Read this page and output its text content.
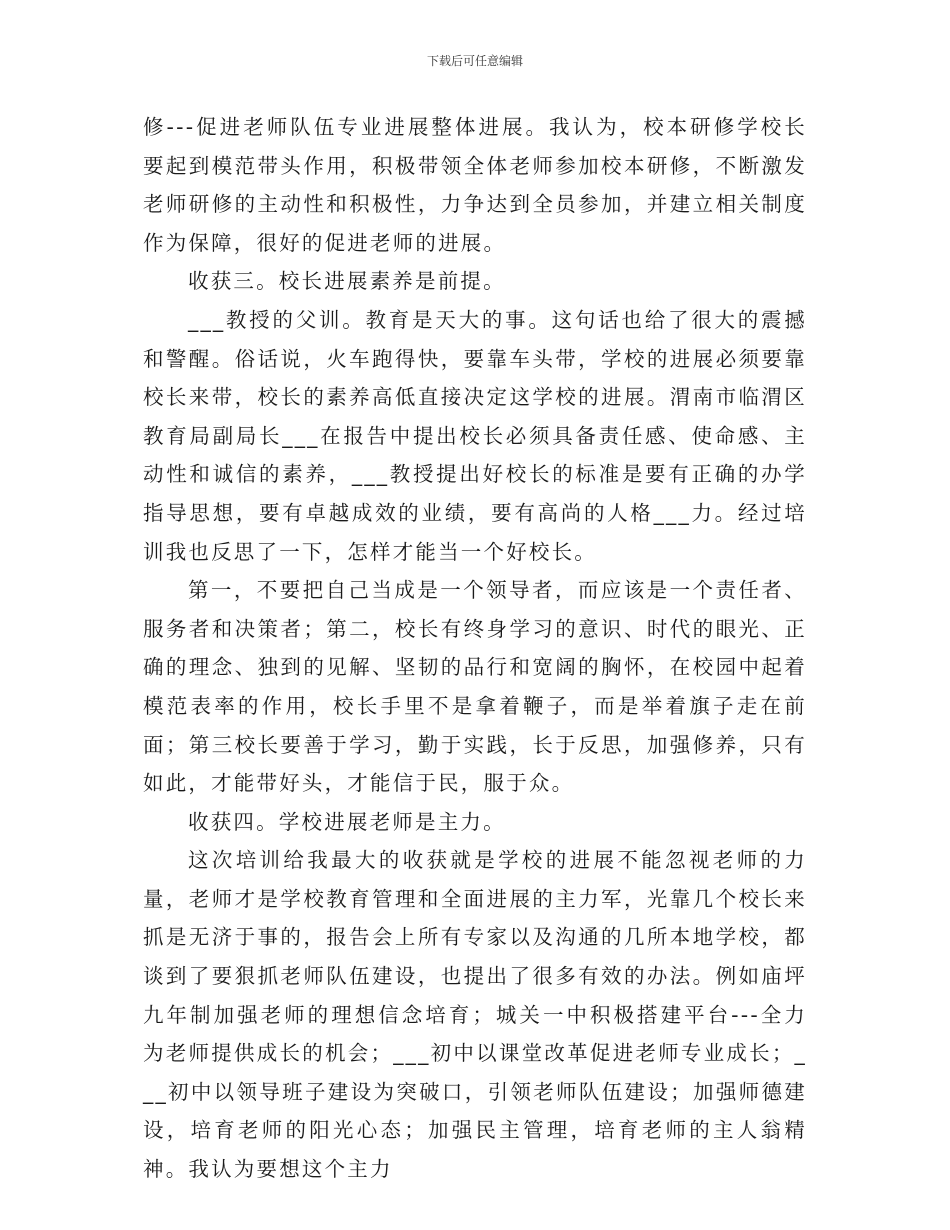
下载后可任意编辑

修---促进老师队伍专业进展整体进展。我认为，校本研修学校长要起到模范带头作用，积极带领全体老师参加校本研修，不断激发老师研修的主动性和积极性，力争达到全员参加，并建立相关制度作为保障，很好的促进老师的进展。

收获三。校长进展素养是前提。

___教授的父训。教育是天大的事。这句话也给了很大的震撼和警醒。俗话说，火车跑得快，要靠车头带，学校的进展必须要靠校长来带，校长的素养高低直接决定这学校的进展。渭南市临渭区教育局副局长___在报告中提出校长必须具备责任感、使命感、主动性和诚信的素养，___教授提出好校长的标准是要有正确的办学指导思想，要有卓越成效的业绩，要有高尚的人格___力。经过培训我也反思了一下，怎样才能当一个好校长。

第一，不要把自己当成是一个领导者，而应该是一个责任者、服务者和决策者；第二，校长有终身学习的意识、时代的眼光、正确的理念、独到的见解、坚韧的品行和宽阔的胸怀，在校园中起着模范表率的作用，校长手里不是拿着鞭子，而是举着旗子走在前面；第三校长要善于学习，勤于实践，长于反思，加强修养，只有如此，才能带好头，才能信于民，服于众。

收获四。学校进展老师是主力。

这次培训给我最大的收获就是学校的进展不能忽视老师的力量，老师才是学校教育管理和全面进展的主力军，光靠几个校长来抓是无济于事的，报告会上所有专家以及沟通的几所本地学校，都谈到了要狠抓老师队伍建设，也提出了很多有效的办法。例如庙坪九年制加强老师的理想信念培育；城关一中积极搭建平台---全力为老师提供成长的机会；___初中以课堂改革促进老师专业成长；___初中以领导班子建设为突破口，引领老师队伍建设；加强师德建设，培育老师的阳光心态；加强民主管理，培育老师的主人翁精神。我认为要想这个主力
